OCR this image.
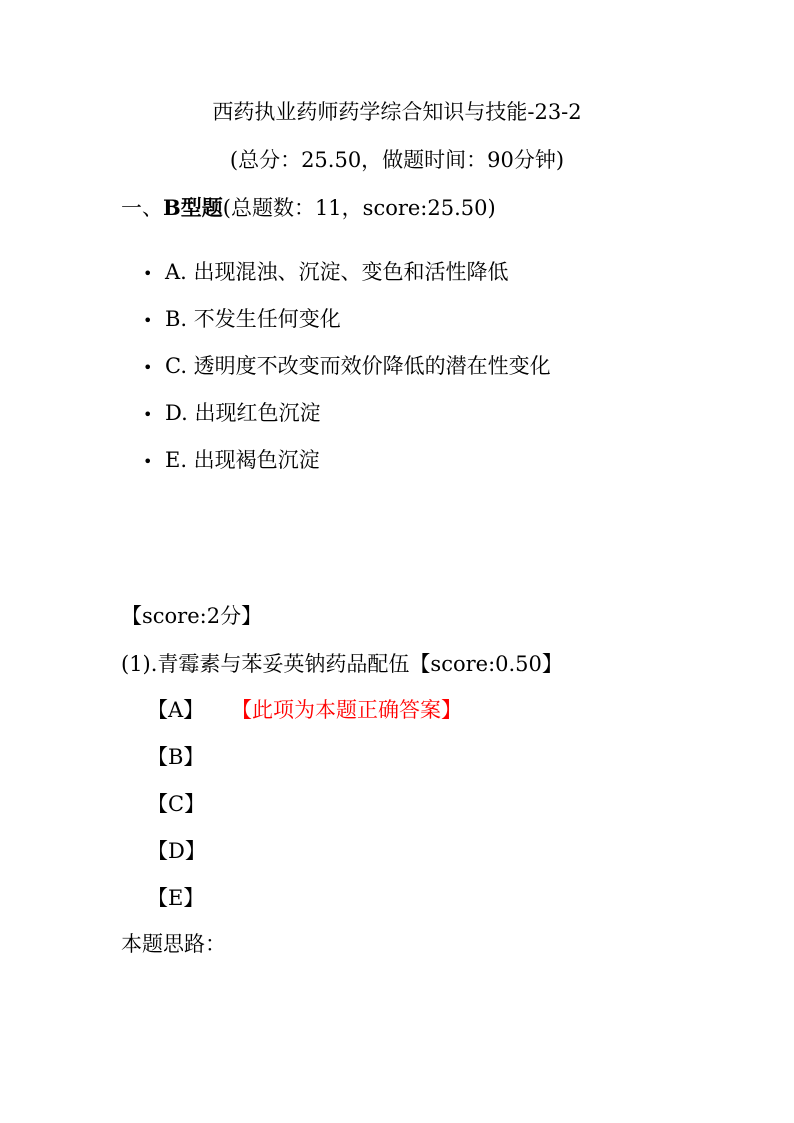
西药执业药师药学综合知识与技能-23-2
(总分：25.50，做题时间：90分钟)
一、B型题(总题数：11，score:25.50)
• A. 出现混浊、沉淀、变色和活性降低
• B. 不发生任何变化
• C. 透明度不改变而效价降低的潜在性变化
• D. 出现红色沉淀
• E. 出现褐色沉淀
【score:2分】
(1).青霉素与苯妥英钠药品配伍【score:0.50】
【A】 【此项为本题正确答案】
【B】
【C】
【D】
【E】
本题思路：
